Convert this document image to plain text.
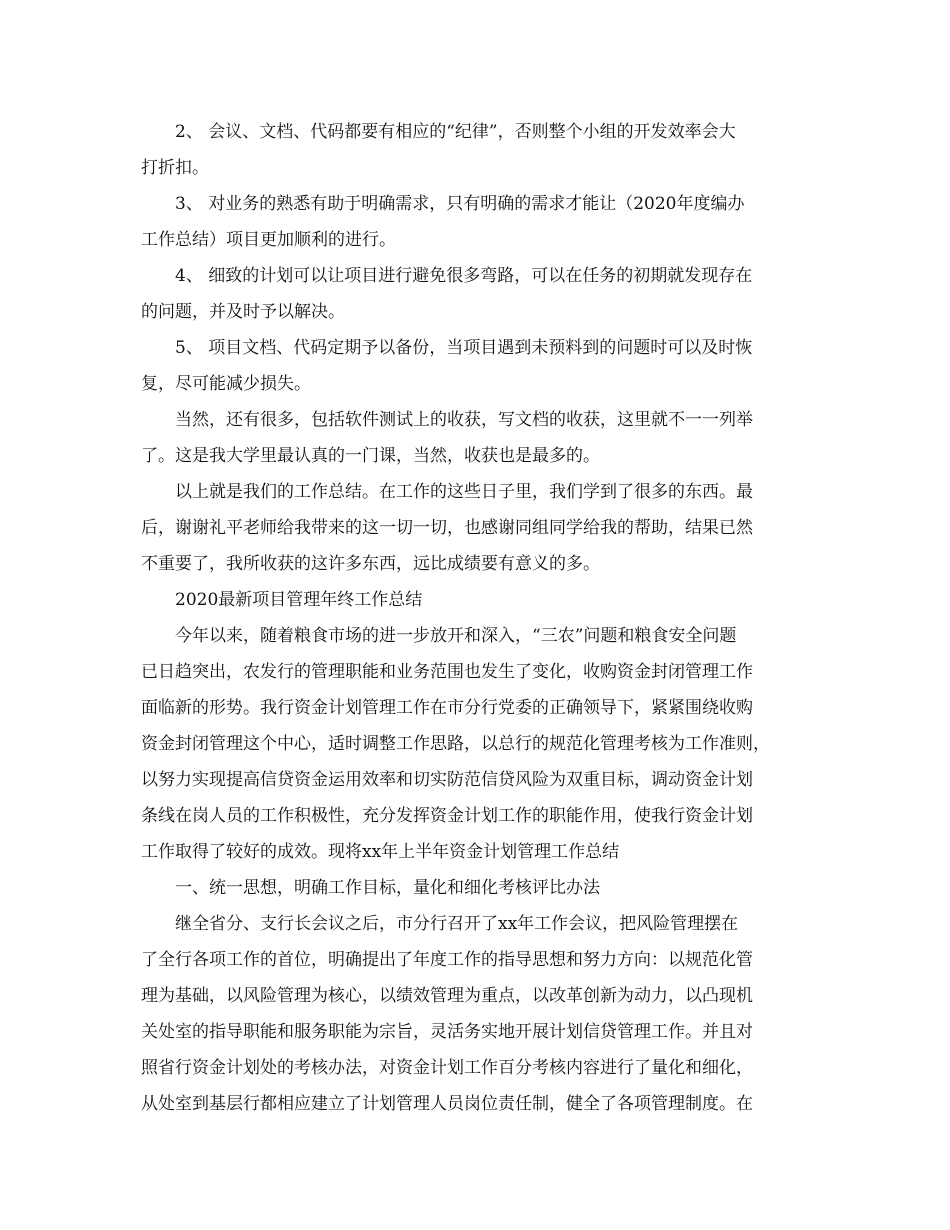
2、 会议、文档、代码都要有相应的“纪律”，否则整个小组的开发效率会大
打折扣。
3、 对业务的熟悉有助于明确需求，只有明确的需求才能让（2020年度编办
工作总结）项目更加顺利的进行。
4、 细致的计划可以让项目进行避免很多弯路，可以在任务的初期就发现存在
的问题，并及时予以解决。
5、 项目文档、代码定期予以备份，当项目遇到未预料到的问题时可以及时恢
复，尽可能减少损失。
当然，还有很多，包括软件测试上的收获，写文档的收获，这里就不一一列举
了。这是我大学里最认真的一门课，当然，收获也是最多的。
以上就是我们的工作总结。在工作的这些日子里，我们学到了很多的东西。最
后，谢谢礼平老师给我带来的这一切一切，也感谢同组同学给我的帮助，结果已然
不重要了，我所收获的这许多东西，远比成绩要有意义的多。
2020最新项目管理年终工作总结
今年以来，随着粮食市场的进一步放开和深入，“三农”问题和粮食安全问题
已日趋突出，农发行的管理职能和业务范围也发生了变化，收购资金封闭管理工作
面临新的形势。我行资金计划管理工作在市分行党委的正确领导下，紧紧围绕收购
资金封闭管理这个中心，适时调整工作思路，以总行的规范化管理考核为工作准则，
以努力实现提高信贷资金运用效率和切实防范信贷风险为双重目标，调动资金计划
条线在岗人员的工作积极性，充分发挥资金计划工作的职能作用，使我行资金计划
工作取得了较好的成效。现将xx年上半年资金计划管理工作总结
一、统一思想，明确工作目标，量化和细化考核评比办法
继全省分、支行长会议之后，市分行召开了xx年工作会议，把风险管理摆在
了全行各项工作的首位，明确提出了年度工作的指导思想和努力方向：以规范化管
理为基础，以风险管理为核心，以绩效管理为重点，以改革创新为动力，以凸现机
关处室的指导职能和服务职能为宗旨，灵活务实地开展计划信贷管理工作。并且对
照省行资金计划处的考核办法，对资金计划工作百分考核内容进行了量化和细化，
从处室到基层行都相应建立了计划管理人员岗位责任制，健全了各项管理制度。在
